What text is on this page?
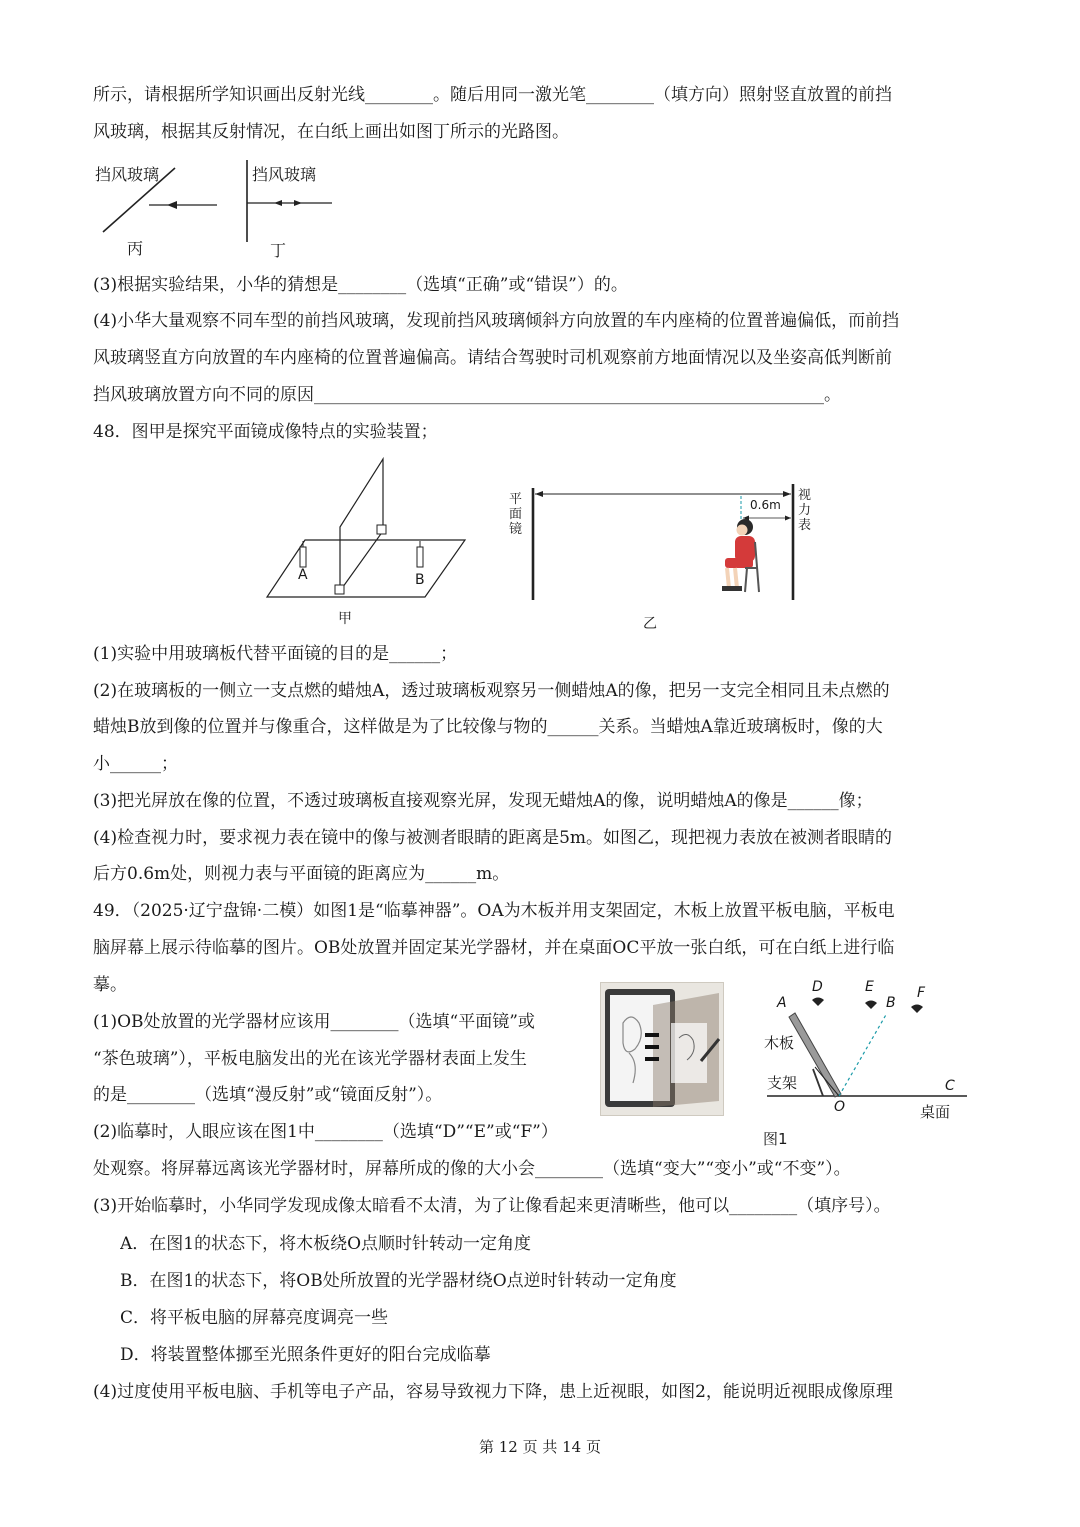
所示，请根据所学知识画出反射光线________。随后用同一激光笔________（填方向）照射竖直放置的前挡
风玻璃，根据其反射情况，在白纸上画出如图丁所示的光路图。
挡风玻璃
丙
挡风玻璃
丁
(3)根据实验结果，小华的猜想是________（选填“正确”或“错误”）的。
(4)小华大量观察不同车型的前挡风玻璃，发现前挡风玻璃倾斜方向放置的车内座椅的位置普遍偏低，而前挡
风玻璃竖直方向放置的车内座椅的位置普遍偏高。请结合驾驶时司机观察前方地面情况以及坐姿高低判断前
挡风玻璃放置方向不同的原因____________________________________________________________。
48．图甲是探究平面镜成像特点的实验装置；
A	B
甲
平面镜
视力表
0.6m
乙
(1)实验中用玻璃板代替平面镜的目的是______；
(2)在玻璃板的一侧立一支点燃的蜡烛A，透过玻璃板观察另一侧蜡烛A的像，把另一支完全相同且未点燃的
蜡烛B放到像的位置并与像重合，这样做是为了比较像与物的______关系。当蜡烛A靠近玻璃板时，像的大
小______；
(3)把光屏放在像的位置，不透过玻璃板直接观察光屏，发现无蜡烛A的像，说明蜡烛A的像是______像；
(4)检查视力时，要求视力表在镜中的像与被测者眼睛的距离是5m。如图乙，现把视力表放在被测者眼睛的
后方0.6m处，则视力表与平面镜的距离应为______m。
49．（2025·辽宁盘锦·二模）如图1是“临摹神器”。OA为木板并用支架固定，木板上放置平板电脑，平板电
脑屏幕上展示待临摹的图片。OB处放置并固定某光学器材，并在桌面OC平放一张白纸，可在白纸上进行临
摹。
(1)OB处放置的光学器材应该用________（选填“平面镜”或
“茶色玻璃”），平板电脑发出的光在该光学器材表面上发生
的是________（选填“漫反射”或“镜面反射”）。
(2)临摹时，人眼应该在图1中________（选填“D”“E”或“F”）
A
D	E
B
F
木板
支架
O
C
桌面
图1
处观察。将屏幕远离该光学器材时，屏幕所成的像的大小会________（选填“变大”“变小”或“不变”）。
(3)开始临摹时，小华同学发现成像太暗看不太清，为了让像看起来更清晰些，他可以________（填序号）。
A．在图1的状态下，将木板绕O点顺时针转动一定角度
B．在图1的状态下，将OB处所放置的光学器材绕O点逆时针转动一定角度
C．将平板电脑的屏幕亮度调亮一些
D．将装置整体挪至光照条件更好的阳台完成临摹
(4)过度使用平板电脑、手机等电子产品，容易导致视力下降，患上近视眼，如图2，能说明近视眼成像原理
第 12 页 共 14 页
